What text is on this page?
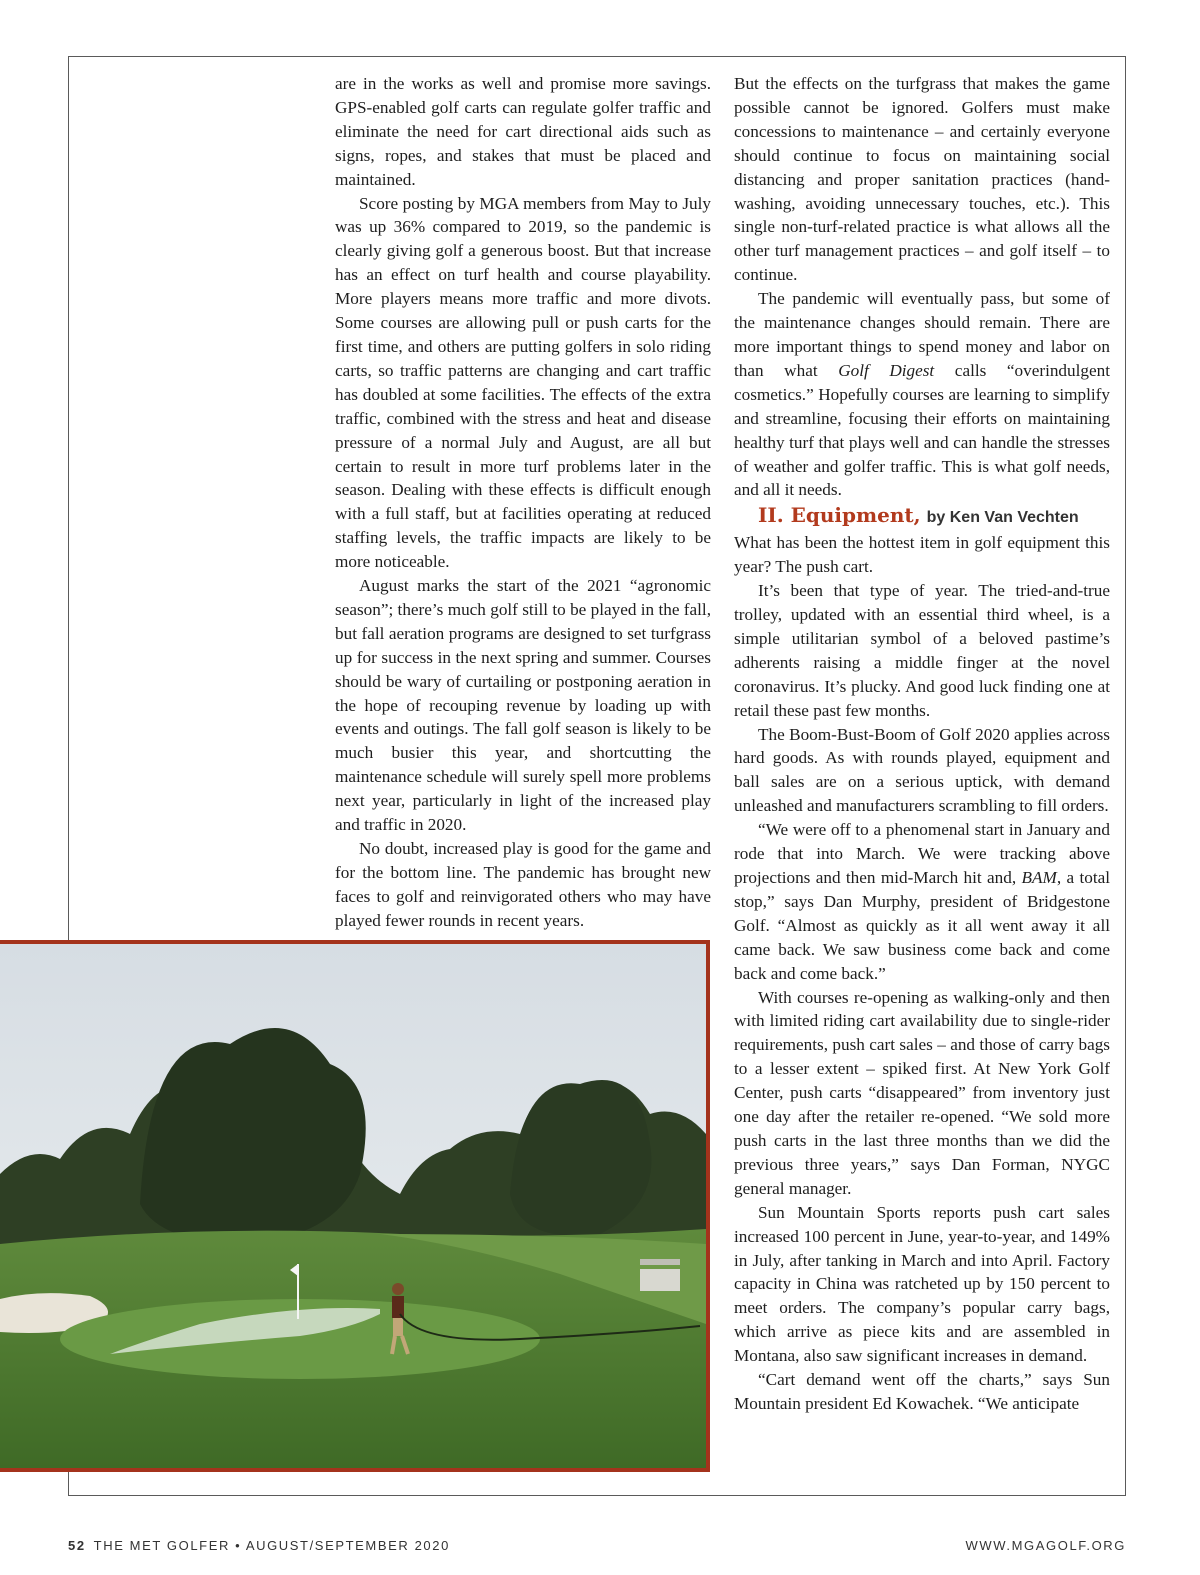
are in the works as well and promise more savings. GPS-enabled golf carts can regulate golfer traffic and eliminate the need for cart directional aids such as signs, ropes, and stakes that must be placed and maintained.

Score posting by MGA members from May to July was up 36% compared to 2019, so the pandemic is clearly giving golf a generous boost. But that increase has an effect on turf health and course playability. More players means more traffic and more divots. Some courses are allowing pull or push carts for the first time, and others are putting golfers in solo riding carts, so traffic patterns are changing and cart traffic has doubled at some facilities. The effects of the extra traffic, combined with the stress and heat and disease pressure of a normal July and August, are all but certain to result in more turf problems later in the season. Dealing with these effects is difficult enough with a full staff, but at facilities operating at reduced staffing levels, the traffic impacts are likely to be more noticeable.

August marks the start of the 2021 “agronomic season”; there’s much golf still to be played in the fall, but fall aeration programs are designed to set turfgrass up for success in the next spring and summer. Courses should be wary of curtailing or postponing aeration in the hope of recouping revenue by loading up with events and outings. The fall golf season is likely to be much busier this year, and shortcutting the maintenance schedule will surely spell more problems next year, particularly in light of the increased play and traffic in 2020.

No doubt, increased play is good for the game and for the bottom line. The pandemic has brought new faces to golf and reinvigorated others who may have played fewer rounds in recent years.

But the effects on the turfgrass that makes the game possible cannot be ignored. Golfers must make concessions to maintenance – and certainly everyone should continue to focus on maintaining social distancing and proper sanitation practices (hand-washing, avoiding unnecessary touches, etc.). This single non-turf-related practice is what allows all the other turf management practices – and golf itself – to continue.

The pandemic will eventually pass, but some of the maintenance changes should remain. There are more important things to spend money and labor on than what Golf Digest calls “overindulgent cosmetics.” Hopefully courses are learning to simplify and streamline, focusing their efforts on maintaining healthy turf that plays well and can handle the stresses of weather and golfer traffic. This is what golf needs, and all it needs.

II. Equipment, by Ken Van Vechten

What has been the hottest item in golf equipment this year? The push cart.

It’s been that type of year. The tried-and-true trolley, updated with an essential third wheel, is a simple utilitarian symbol of a beloved pastime’s adherents raising a middle finger at the novel coronavirus. It’s plucky. And good luck finding one at retail these past few months.

The Boom-Bust-Boom of Golf 2020 applies across hard goods. As with rounds played, equipment and ball sales are on a serious uptick, with demand unleashed and manufacturers scrambling to fill orders.

“We were off to a phenomenal start in January and rode that into March. We were tracking above projections and then mid-March hit and, BAM, a total stop,” says Dan Murphy, president of Bridgestone Golf. “Almost as quickly as it all went away it all came back. We saw business come back and come back and come back.”

With courses re-opening as walking-only and then with limited riding cart availability due to single-rider requirements, push cart sales – and those of carry bags to a lesser extent – spiked first. At New York Golf Center, push carts “disappeared” from inventory just one day after the retailer re-opened. “We sold more push carts in the last three months than we did the previous three years,” says Dan Forman, NYGC general manager.

Sun Mountain Sports reports push cart sales increased 100 percent in June, year-to-year, and 149% in July, after tanking in March and into April. Factory capacity in China was ratcheted up by 150 percent to meet orders. The company’s popular carry bags, which arrive as piece kits and are assembled in Montana, also saw significant increases in demand.

“Cart demand went off the charts,” says Sun Mountain president Ed Kowachek. “We anticipate

52 THE MET GOLFER • AUGUST/SEPTEMBER 2020	WWW.MGAGOLF.ORG
